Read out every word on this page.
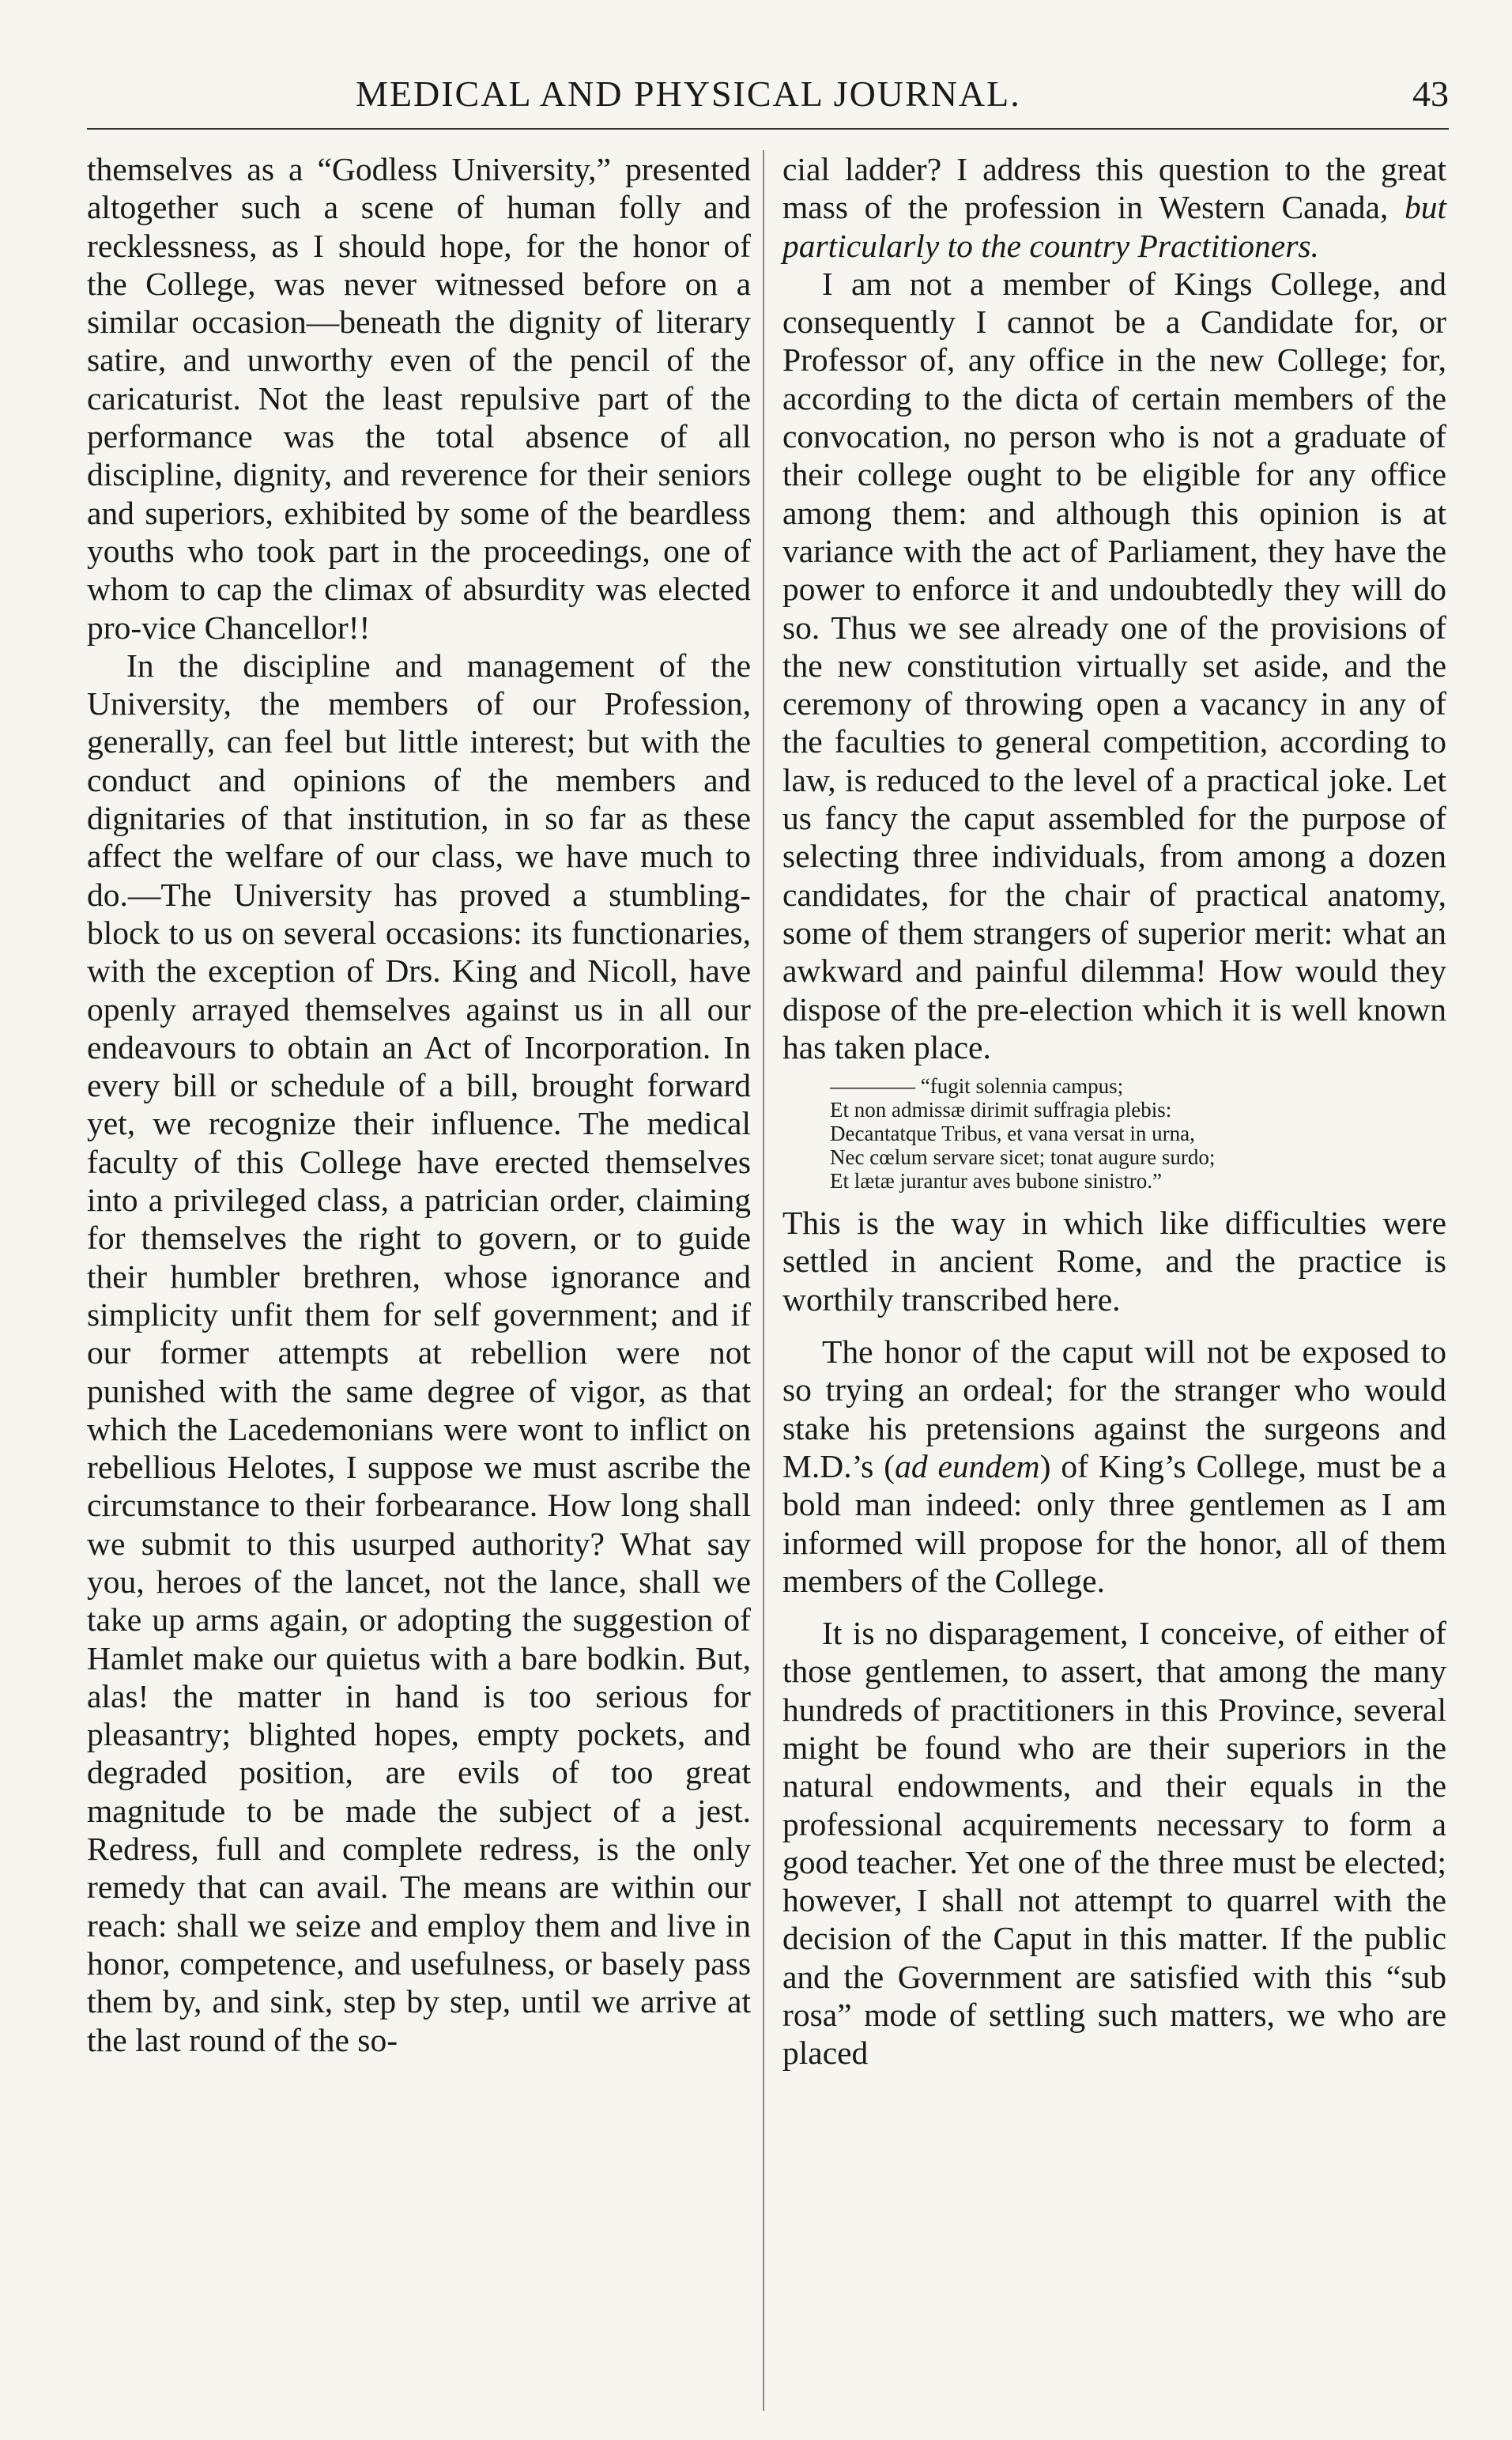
MEDICAL AND PHYSICAL JOURNAL.	43

themselves as a “Godless University,” presented altogether such a scene of human folly and recklessness, as I should hope, for the honor of the College, was never witnessed before on a similar occasion—beneath the dignity of literary satire, and unworthy even of the pencil of the caricaturist. Not the least repulsive part of the performance was the total absence of all discipline, dignity, and reverence for their seniors and superiors, exhibited by some of the beardless youths who took part in the proceedings, one of whom to cap the climax of absurdity was elected pro-vice Chancellor!!

In the discipline and management of the University, the members of our Profession, generally, can feel but little interest; but with the conduct and opinions of the members and dignitaries of that institution, in so far as these affect the welfare of our class, we have much to do.—The University has proved a stumbling-block to us on several occasions: its functionaries, with the exception of Drs. King and Nicoll, have openly arrayed themselves against us in all our endeavours to obtain an Act of Incorporation. In every bill or schedule of a bill, brought forward yet, we recognize their influence. The medical faculty of this College have erected themselves into a privileged class, a patrician order, claiming for themselves the right to govern, or to guide their humbler brethren, whose ignorance and simplicity unfit them for self government; and if our former attempts at rebellion were not punished with the same degree of vigor, as that which the Lacedemonians were wont to inflict on rebellious Helotes, I suppose we must ascribe the circumstance to their forbearance. How long shall we submit to this usurped authority? What say you, heroes of the lancet, not the lance, shall we take up arms again, or adopting the suggestion of Hamlet make our quietus with a bare bodkin. But, alas! the matter in hand is too serious for pleasantry; blighted hopes, empty pockets, and degraded position, are evils of too great magnitude to be made the subject of a jest. Redress, full and complete redress, is the only remedy that can avail. The means are within our reach: shall we seize and employ them and live in honor, competence, and usefulness, or basely pass them by, and sink, step by step, until we arrive at the last round of the so-

cial ladder? I address this question to the great mass of the profession in Western Canada, but particularly to the country Practitioners.

I am not a member of Kings College, and consequently I cannot be a Candidate for, or Professor of, any office in the new College; for, according to the dicta of certain members of the convocation, no person who is not a graduate of their college ought to be eligible for any office among them: and although this opinion is at variance with the act of Parliament, they have the power to enforce it and undoubtedly they will do so. Thus we see already one of the provisions of the new constitution virtually set aside, and the ceremony of throwing open a vacancy in any of the faculties to general competition, according to law, is reduced to the level of a practical joke. Let us fancy the caput assembled for the purpose of selecting three individuals, from among a dozen candidates, for the chair of practical anatomy, some of them strangers of superior merit: what an awkward and painful dilemma! How would they dispose of the pre-election which it is well known has taken place.

———— “fugit solennia campus;
Et non admissæ dirimit suffragia plebis:
Decantatque Tribus, et vana versat in urna,
Nec cœlum servare sicet; tonat augure surdo;
Et lætæ jurantur aves bubone sinistro.”

This is the way in which like difficulties were settled in ancient Rome, and the practice is worthily transcribed here.

The honor of the caput will not be exposed to so trying an ordeal; for the stranger who would stake his pretensions against the surgeons and M.D.’s (ad eundem) of King’s College, must be a bold man indeed: only three gentlemen as I am informed will propose for the honor, all of them members of the College.

It is no disparagement, I conceive, of either of those gentlemen, to assert, that among the many hundreds of practitioners in this Province, several might be found who are their superiors in the natural endowments, and their equals in the professional acquirements necessary to form a good teacher. Yet one of the three must be elected; however, I shall not attempt to quarrel with the decision of the Caput in this matter. If the public and the Government are satisfied with this “sub rosa” mode of settling such matters, we who are placed
